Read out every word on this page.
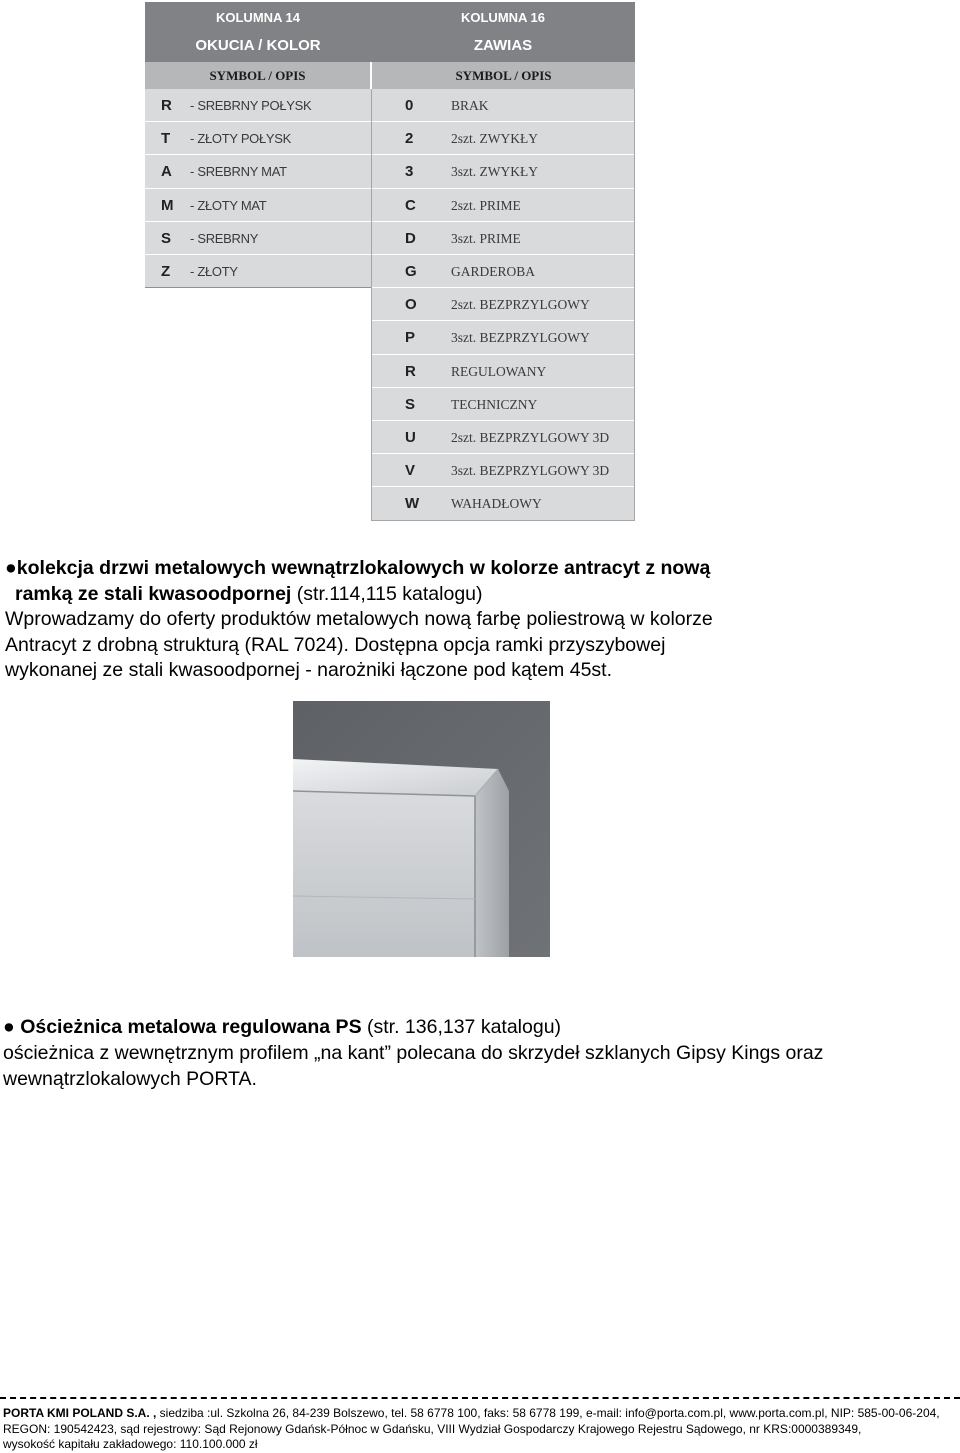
KOLUMNA 14
OKUCIA / KOLOR
KOLUMNA 16
ZAWIAS
SYMBOL / OPIS	SYMBOL / OPIS
R - SREBRNY POŁYSK
T - ZŁOTY POŁYSK
A - SREBRNY MAT
M - ZŁOTY MAT
S - SREBRNY
Z - ZŁOTY
0	BRAK
2	2szt. ZWYKŁY
3	3szt. ZWYKŁY
C	2szt. PRIME
D	3szt. PRIME
G	GARDEROBA
O	2szt. BEZPRZYLGOWY
P	3szt. BEZPRZYLGOWY
R	REGULOWANY
S	TECHNICZNY
U	2szt. BEZPRZYLGOWY 3D
V	3szt. BEZPRZYLGOWY 3D
W WAHADŁOWY
●kolekcja drzwi metalowych wewnątrzlokalowych w kolorze antracyt z nową
ramką ze stali kwasoodpornej (str.114,115 katalogu)
Wprowadzamy do oferty produktów metalowych nową farbę poliestrową w kolorze
Antracyt z drobną strukturą (RAL 7024). Dostępna opcja ramki przyszybowej
wykonanej ze stali kwasoodpornej - narożniki łączone pod kątem 45st.
● Ościeżnica metalowa regulowana PS (str. 136,137 katalogu)
ościeżnica z wewnętrznym profilem „na kant” polecana do skrzydeł szklanych Gipsy Kings oraz
wewnątrzlokalowych PORTA.
PORTA KMI POLAND S.A. , siedziba :ul. Szkolna 26, 84-239 Bolszewo, tel. 58 6778 100, faks: 58 6778 199, e-mail: info@porta.com.pl, www.porta.com.pl, NIP: 585-00-06-204,
REGON: 190542423, sąd rejestrowy: Sąd Rejonowy Gdańsk-Północ w Gdańsku, VIII Wydział Gospodarczy Krajowego Rejestru Sądowego, nr KRS:0000389349,
wysokość kapitału zakładowego: 110.100.000 zł
